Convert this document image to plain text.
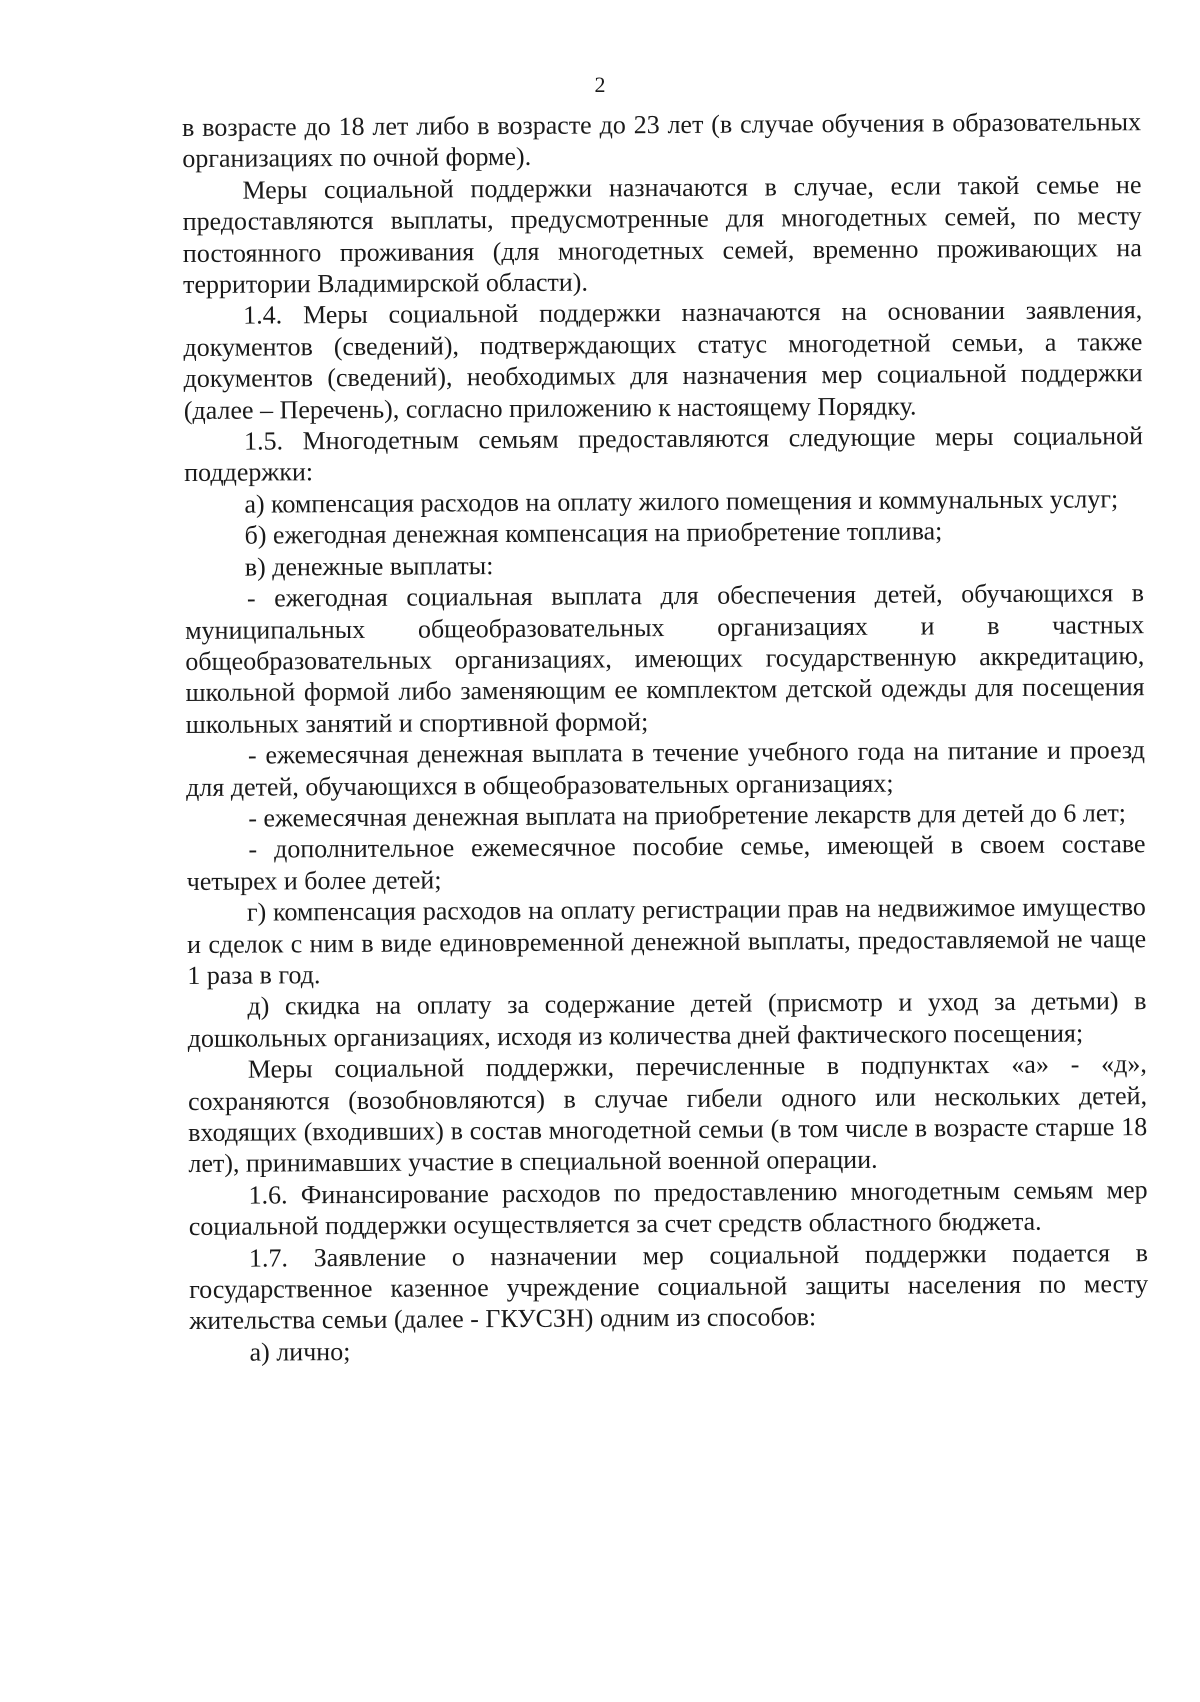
2

в возрасте до 18 лет либо в возрасте до 23 лет (в случае обучения в образовательных организациях по очной форме).

Меры социальной поддержки назначаются в случае, если такой семье не предоставляются выплаты, предусмотренные для многодетных семей, по месту постоянного проживания (для многодетных семей, временно проживающих на территории Владимирской области).

1.4. Меры социальной поддержки назначаются на основании заявления, документов (сведений), подтверждающих статус многодетной семьи, а также документов (сведений), необходимых для назначения мер социальной поддержки (далее – Перечень), согласно приложению к настоящему Порядку.

1.5. Многодетным семьям предоставляются следующие меры социальной поддержки:

а) компенсация расходов на оплату жилого помещения и коммунальных услуг;

б) ежегодная денежная компенсация на приобретение топлива;

в) денежные выплаты:

- ежегодная социальная выплата для обеспечения детей, обучающихся в муниципальных общеобразовательных организациях и в частных общеобразовательных организациях, имеющих государственную аккредитацию, школьной формой либо заменяющим ее комплектом детской одежды для посещения школьных занятий и спортивной формой;

- ежемесячная денежная выплата в течение учебного года на питание и проезд для детей, обучающихся в общеобразовательных организациях;

- ежемесячная денежная выплата на приобретение лекарств для детей до 6 лет;

- дополнительное ежемесячное пособие семье, имеющей в своем составе четырех и более детей;

г) компенсация расходов на оплату регистрации прав на недвижимое имущество и сделок с ним в виде единовременной денежной выплаты, предоставляемой не чаще 1 раза в год.

д) скидка на оплату за содержание детей (присмотр и уход за детьми) в дошкольных организациях, исходя из количества дней фактического посещения;

Меры социальной поддержки, перечисленные в подпунктах «а» - «д», сохраняются (возобновляются) в случае гибели одного или нескольких детей, входящих (входивших) в состав многодетной семьи (в том числе в возрасте старше 18 лет), принимавших участие в специальной военной операции.

1.6. Финансирование расходов по предоставлению многодетным семьям мер социальной поддержки осуществляется за счет средств областного бюджета.

1.7. Заявление о назначении мер социальной поддержки подается в государственное казенное учреждение социальной защиты населения по месту жительства семьи (далее - ГКУСЗН) одним из способов:

а) лично;
